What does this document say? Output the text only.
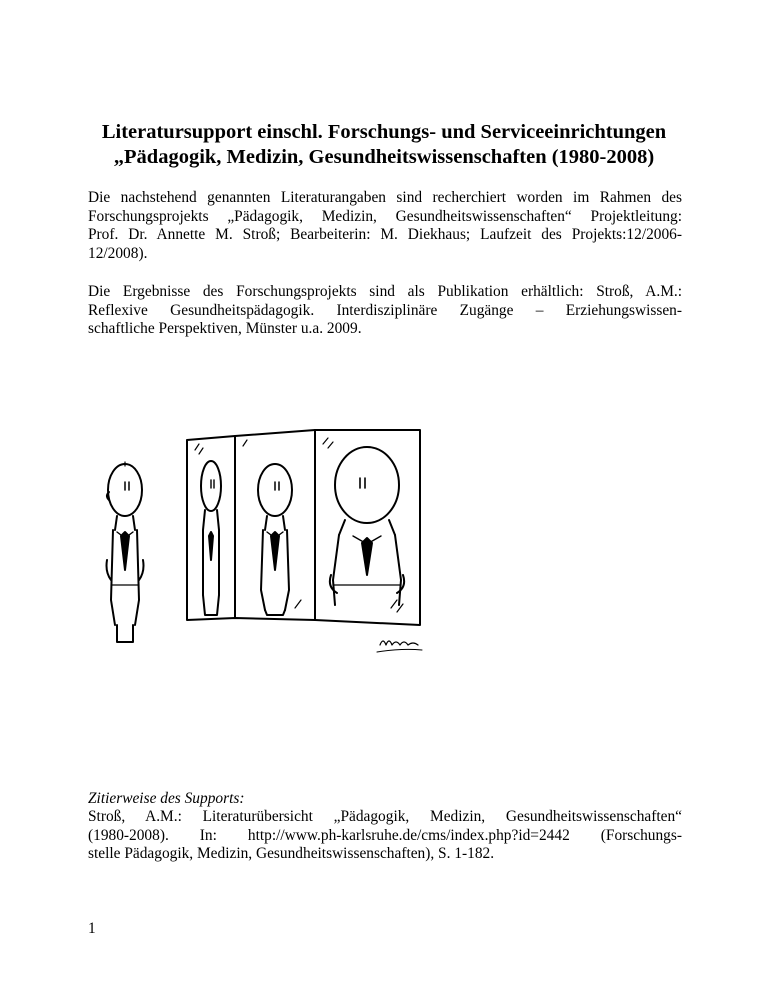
Literatursupport einschl. Forschungs- und Serviceeinrichtungen
„Pädagogik, Medizin, Gesundheitswissenschaften (1980-2008)
Die nachstehend genannten Literaturangaben sind recherchiert worden im Rahmen des
Forschungsprojekts „Pädagogik, Medizin, Gesundheitswissenschaften“ Projektleitung:
Prof. Dr. Annette M. Stroß; Bearbeiterin: M. Diekhaus; Laufzeit des Projekts:12/2006-
12/2008).
Die Ergebnisse des Forschungsprojekts sind als Publikation erhältlich: Stroß, A.M.:
Reflexive Gesundheitspädagogik. Interdisziplinäre Zugänge – Erziehungswissen-
schaftliche Perspektiven, Münster u.a. 2009.
Zitierweise des Supports:
Stroß, A.M.: Literaturübersicht „Pädagogik, Medizin, Gesundheitswissenschaften“
(1980-2008). In: http://www.ph-karlsruhe.de/cms/index.php?id=2442 (Forschungs-
stelle Pädagogik, Medizin, Gesundheitswissenschaften), S. 1-182.
1
